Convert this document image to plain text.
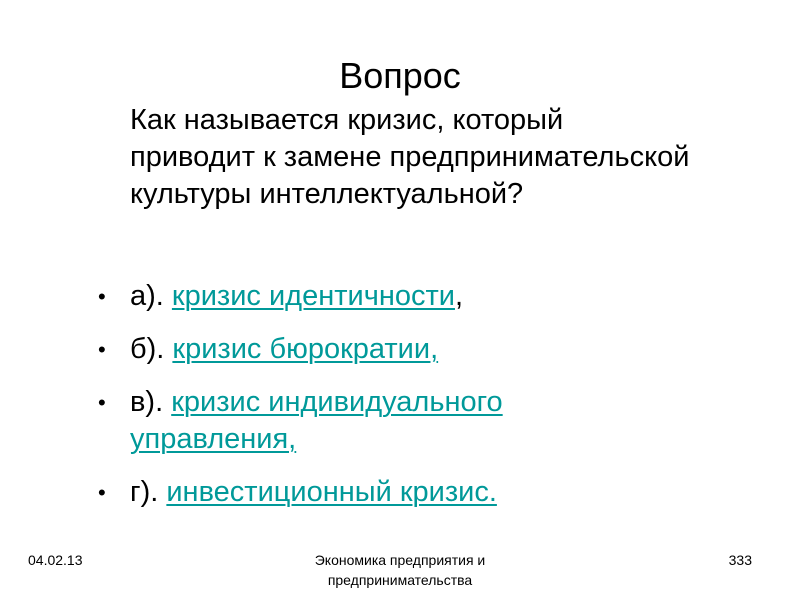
Вопрос
Как называется кризис, который приводит к замене предпринимательской культуры интеллектуальной?
• а). кризис идентичности,
• б). кризис бюрократии,
• в). кризис индивидуального управления,
• г). инвестиционный кризис.
04.02.13	Экономика предприятия и предпринимательства
333
